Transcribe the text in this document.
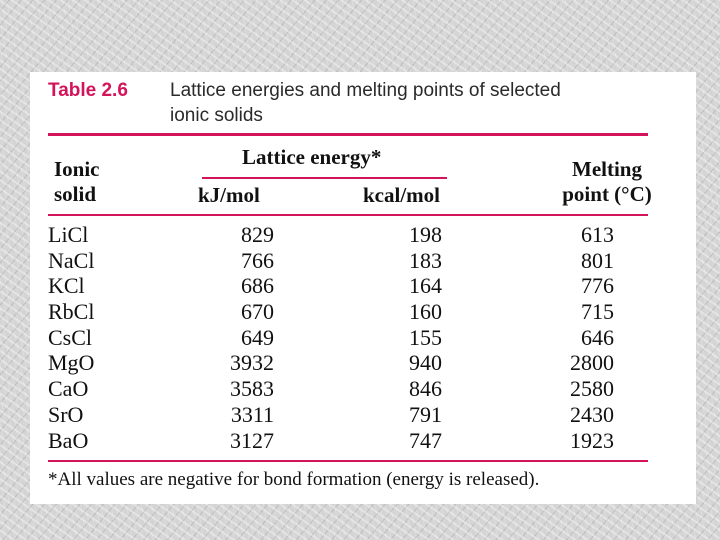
Table 2.6 Lattice energies and melting points of selected
ionic solids
Ionic
solid
Lattice energy*
kJ/mol	kcal/mol
Melting
point (°C)
LiCl	829	198	613
NaCl	766	183	801
KCl	686	164	776
RbCl	670	160	715
CsCl	649	155	646
MgO	3932	940	2800
CaO	3583	846	2580
SrO	3311	791	2430
BaO	3127	747	1923
*All values are negative for bond formation (energy is released).
